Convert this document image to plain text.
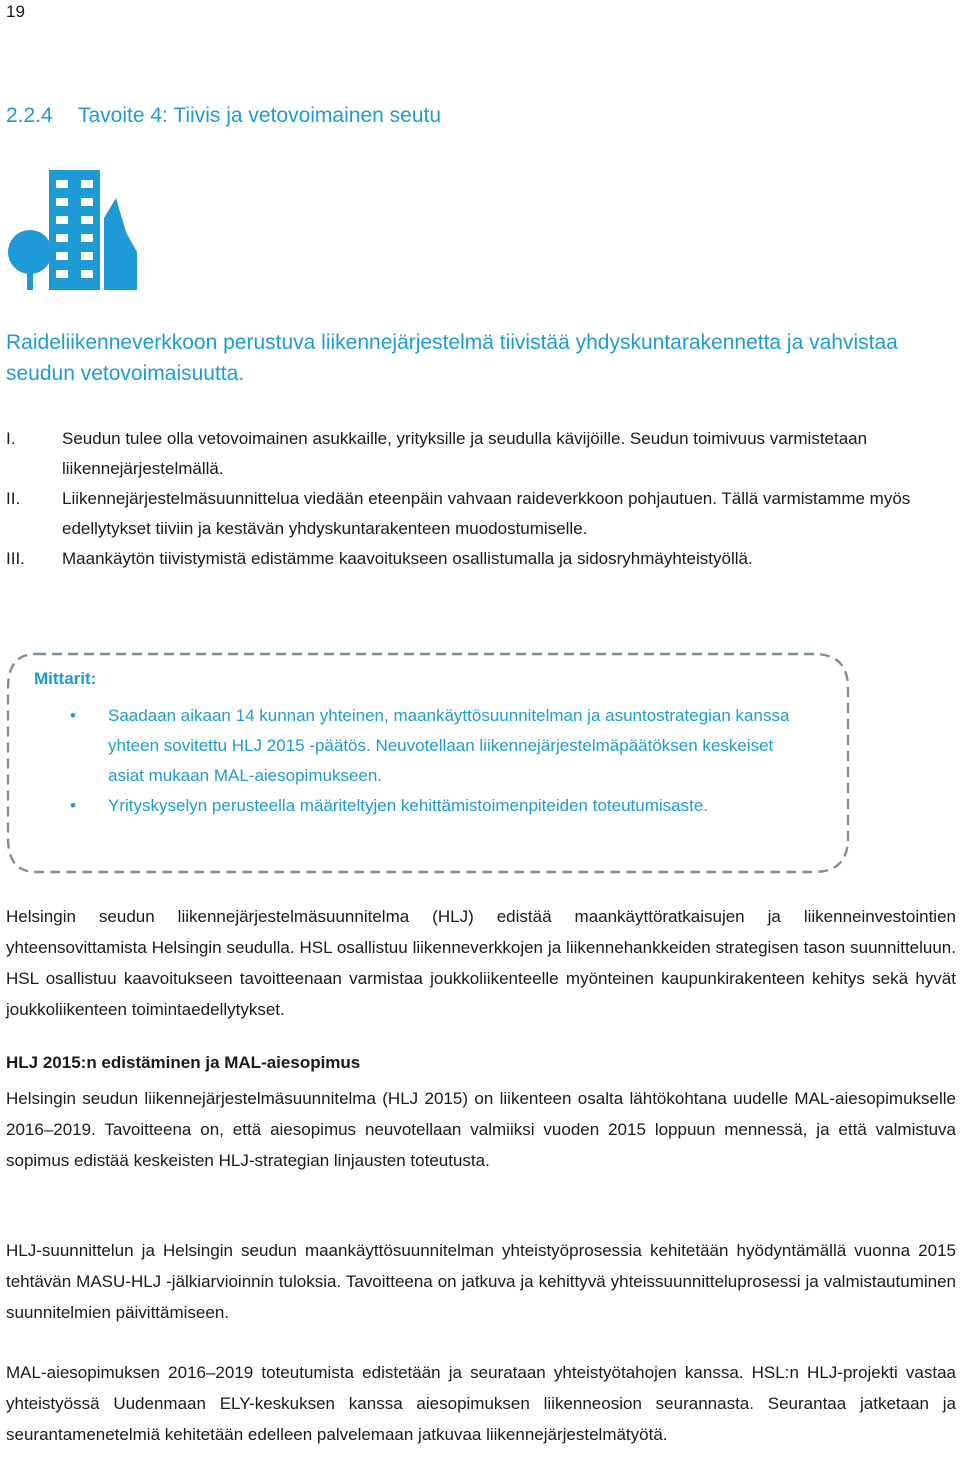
19
2.2.4 Tavoite 4: Tiivis ja vetovoimainen seutu
Raideliikenneverkkoon perustuva liikennejärjestelmä tiivistää yhdyskuntarakennetta ja vahvistaa seudun vetovoimaisuutta.
I.	Seudun tulee olla vetovoimainen asukkaille, yrityksille ja seudulla kävijöille. Seudun toimivuus varmistetaan liikennejärjestelmällä.
II. Liikennejärjestelmäsuunnittelua viedään eteenpäin vahvaan raideverkkoon pohjautuen. Tällä varmistamme myös edellytykset tiiviin ja kestävän yhdyskuntarakenteen muodostumiselle.
III. Maankäytön tiivistymistä edistämme kaavoitukseen osallistumalla ja sidosryhmäyhteistyöllä.
Mittarit:
• Saadaan aikaan 14 kunnan yhteinen, maankäyttösuunnitelman ja asuntostrategian kanssa yhteen sovitettu HLJ 2015 -päätös. Neuvotellaan liikennejärjestelmäpäätöksen keskeiset asiat mukaan MAL-aiesopimukseen.
• Yrityskyselyn perusteella määriteltyjen kehittämistoimenpiteiden toteutumisaste.
Helsingin seudun liikennejärjestelmäsuunnitelma (HLJ) edistää maankäyttöratkaisujen ja liikenneinvestointien yhteensovittamista Helsingin seudulla. HSL osallistuu liikenneverkkojen ja liikennehankkeiden strategisen tason suunnitteluun. HSL osallistuu kaavoitukseen tavoitteenaan varmistaa joukkoliikenteelle myönteinen kaupunkirakenteen kehitys sekä hyvät joukkoliikenteen toimintaedellytykset.
HLJ 2015:n edistäminen ja MAL-aiesopimus
Helsingin seudun liikennejärjestelmäsuunnitelma (HLJ 2015) on liikenteen osalta lähtökohtana uudelle MAL-aiesopimukselle 2016–2019. Tavoitteena on, että aiesopimus neuvotellaan valmiiksi vuoden 2015 loppuun mennessä, ja että valmistuva sopimus edistää keskeisten HLJ-strategian linjausten toteutusta.
HLJ-suunnittelun ja Helsingin seudun maankäyttösuunnitelman yhteistyöprosessia kehitetään hyödyntämällä vuonna 2015 tehtävän MASU-HLJ -jälkiarvioinnin tuloksia. Tavoitteena on jatkuva ja kehittyvä yhteissuunnitteluprosessi ja valmistautuminen suunnitelmien päivittämiseen.
MAL-aiesopimuksen 2016–2019 toteutumista edistetään ja seurataan yhteistyötahojen kanssa. HSL:n HLJ-projekti vastaa yhteistyössä Uudenmaan ELY-keskuksen kanssa aiesopimuksen liikenneosion seurannasta. Seurantaa jatketaan ja seurantamenetelmiä kehitetään edelleen palvelemaan jatkuvaa liikennejärjestelmätyötä.
